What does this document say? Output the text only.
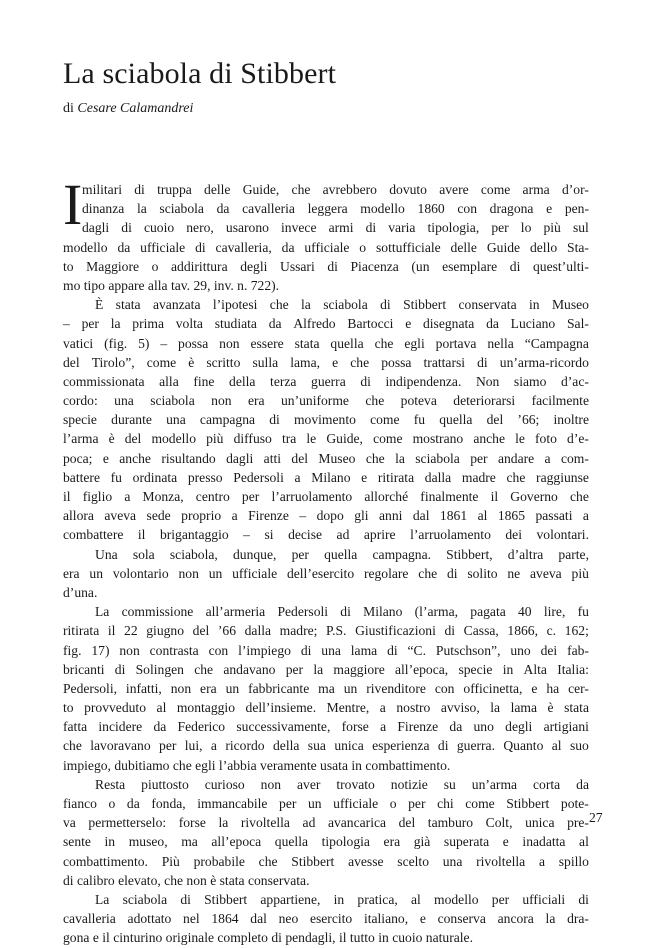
La sciabola di Stibbert

di Cesare Calamandrei

I militari di truppa delle Guide, che avrebbero dovuto avere come arma d’or-
dinanza la sciabola da cavalleria leggera modello 1860 con dragona e pen-
dagli di cuoio nero, usarono invece armi di varia tipologia, per lo più sul
modello da ufficiale di cavalleria, da ufficiale o sottufficiale delle Guide dello Sta-
to Maggiore o addirittura degli Ussari di Piacenza (un esemplare di quest’ulti-
mo tipo appare alla tav. 29, inv. n. 722).
È stata avanzata l’ipotesi che la sciabola di Stibbert conservata in Museo
– per la prima volta studiata da Alfredo Bartocci e disegnata da Luciano Sal-
vatici (fig. 5) – possa non essere stata quella che egli portava nella “Campagna
del Tirolo”, come è scritto sulla lama, e che possa trattarsi di un’arma-ricordo
commissionata alla fine della terza guerra di indipendenza. Non siamo d’ac-
cordo: una sciabola non era un’uniforme che poteva deteriorarsi facilmente
specie durante una campagna di movimento come fu quella del ’66; inoltre
l’arma è del modello più diffuso tra le Guide, come mostrano anche le foto d’e-
poca; e anche risultando dagli atti del Museo che la sciabola per andare a com-
battere fu ordinata presso Pedersoli a Milano e ritirata dalla madre che raggiunse
il figlio a Monza, centro per l’arruolamento allorché finalmente il Governo che
allora aveva sede proprio a Firenze – dopo gli anni dal 1861 al 1865 passati a
combattere il brigantaggio – si decise ad aprire l’arruolamento dei volontari.
Una sola sciabola, dunque, per quella campagna. Stibbert, d’altra parte,
era un volontario non un ufficiale dell’esercito regolare che di solito ne aveva più
d’una.
La commissione all’armeria Pedersoli di Milano (l’arma, pagata 40 lire, fu
ritirata il 22 giugno del ’66 dalla madre; P.S. Giustificazioni di Cassa, 1866, c. 162;
fig. 17) non contrasta con l’impiego di una lama di “C. Putschson”, uno dei fab-
bricanti di Solingen che andavano per la maggiore all’epoca, specie in Alta Italia:
Pedersoli, infatti, non era un fabbricante ma un rivenditore con officinetta, e ha cer-
to provveduto al montaggio dell’insieme. Mentre, a nostro avviso, la lama è stata
fatta incidere da Federico successivamente, forse a Firenze da uno degli artigiani
che lavoravano per lui, a ricordo della sua unica esperienza di guerra. Quanto al suo
impiego, dubitiamo che egli l’abbia veramente usata in combattimento.
Resta piuttosto curioso non aver trovato notizie su un’arma corta da
fianco o da fonda, immancabile per un ufficiale o per chi come Stibbert pote-
va permetterselo: forse la rivoltella ad avancarica del tamburo Colt, unica pre-
sente in museo, ma all’epoca quella tipologia era già superata e inadatta al
combattimento. Più probabile che Stibbert avesse scelto una rivoltella a spillo
di calibro elevato, che non è stata conservata.
La sciabola di Stibbert appartiene, in pratica, al modello per ufficiali di
cavalleria adottato nel 1864 dal neo esercito italiano, e conserva ancora la dra-
gona e il cinturino originale completo di pendagli, il tutto in cuoio naturale.
27
